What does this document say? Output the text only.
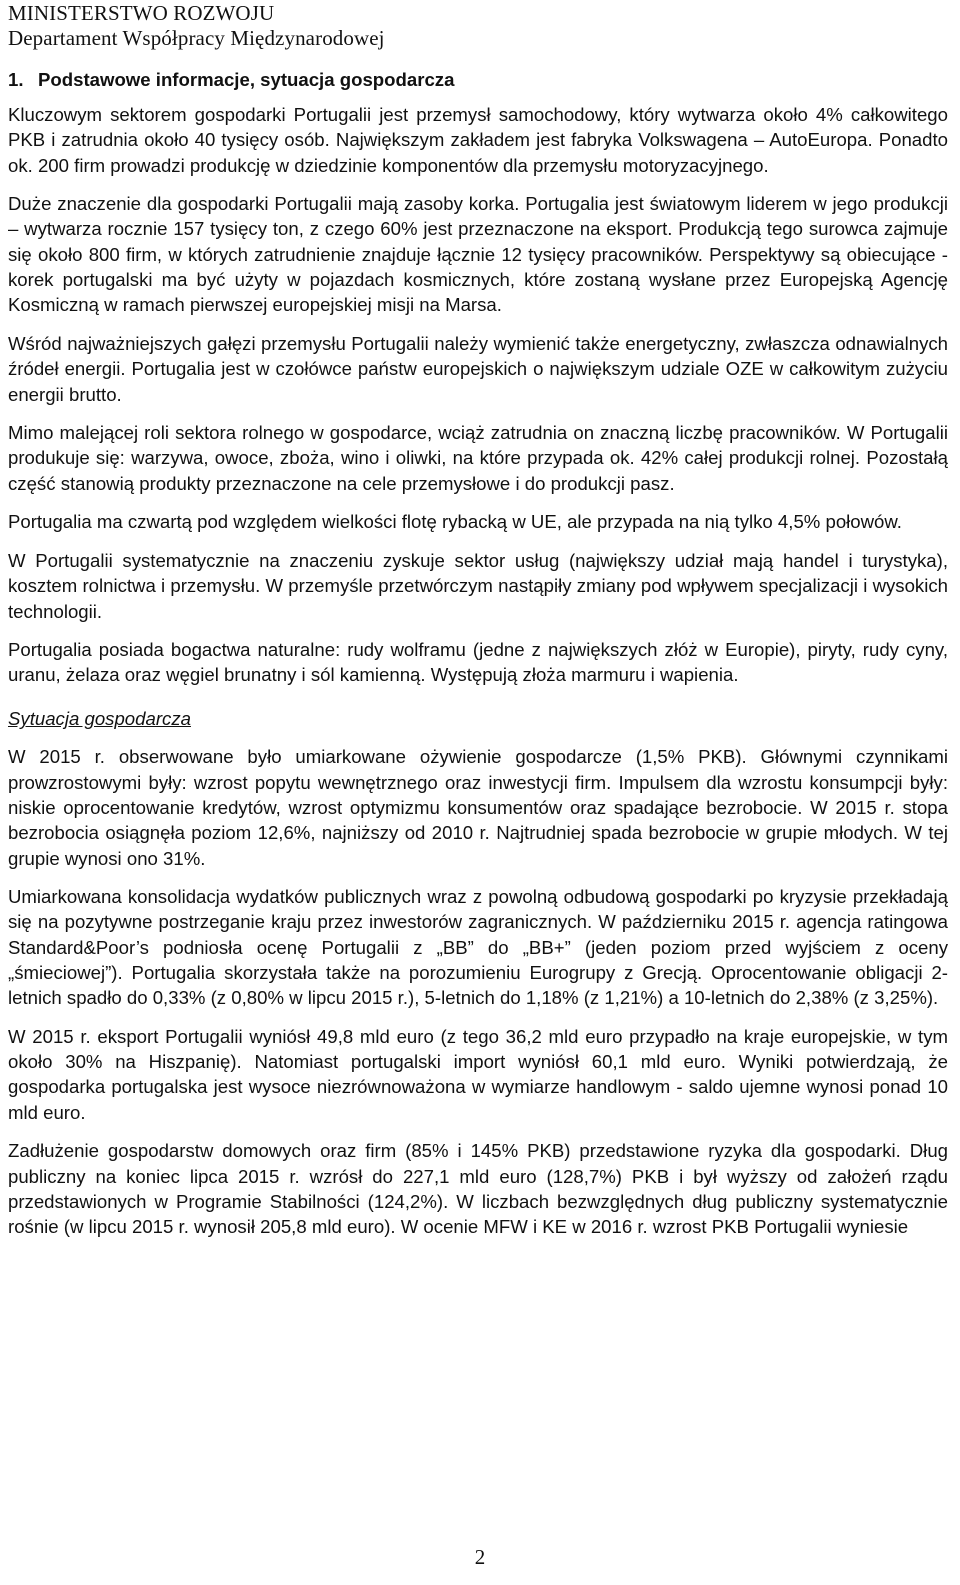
MINISTERSTWO ROZWOJU

Departament Współpracy Międzynarodowej

1. Podstawowe informacje, sytuacja gospodarcza

Kluczowym sektorem gospodarki Portugalii jest przemysł samochodowy, który wytwarza około 4% całkowitego PKB i zatrudnia około 40 tysięcy osób. Największym zakładem jest fabryka Volkswagena – AutoEuropa. Ponadto ok. 200 firm prowadzi produkcję w dziedzinie komponentów dla przemysłu motoryzacyjnego.

Duże znaczenie dla gospodarki Portugalii mają zasoby korka. Portugalia jest światowym liderem w jego produkcji – wytwarza rocznie 157 tysięcy ton, z czego 60% jest przeznaczone na eksport. Produkcją tego surowca zajmuje się około 800 firm, w których zatrudnienie znajduje łącznie 12 tysięcy pracowników. Perspektywy są obiecujące - korek portugalski ma być użyty w pojazdach kosmicznych, które zostaną wysłane przez Europejską Agencję Kosmiczną w ramach pierwszej europejskiej misji na Marsa.

Wśród najważniejszych gałęzi przemysłu Portugalii należy wymienić także energetyczny, zwłaszcza odnawialnych źródeł energii. Portugalia jest w czołówce państw europejskich o największym udziale OZE w całkowitym zużyciu energii brutto.

Mimo malejącej roli sektora rolnego w gospodarce, wciąż zatrudnia on znaczną liczbę pracowników. W Portugalii produkuje się: warzywa, owoce, zboża, wino i oliwki, na które przypada ok. 42% całej produkcji rolnej. Pozostałą część stanowią produkty przeznaczone na cele przemysłowe i do produkcji pasz.

Portugalia ma czwartą pod względem wielkości flotę rybacką w UE, ale przypada na nią tylko 4,5% połowów.

W Portugalii systematycznie na znaczeniu zyskuje sektor usług (największy udział mają handel i turystyka), kosztem rolnictwa i przemysłu. W przemyśle przetwórczym nastąpiły zmiany pod wpływem specjalizacji i wysokich technologii.

Portugalia posiada bogactwa naturalne: rudy wolframu (jedne z największych złóż w Europie), piryty, rudy cyny, uranu, żelaza oraz węgiel brunatny i sól kamienną. Występują złoża marmuru i wapienia.

Sytuacja gospodarcza

W 2015 r. obserwowane było umiarkowane ożywienie gospodarcze (1,5% PKB). Głównymi czynnikami prowzrostowymi były: wzrost popytu wewnętrznego oraz inwestycji firm. Impulsem dla wzrostu konsumpcji były: niskie oprocentowanie kredytów, wzrost optymizmu konsumentów oraz spadające bezrobocie. W 2015 r. stopa bezrobocia osiągnęła poziom 12,6%, najniższy od 2010 r. Najtrudniej spada bezrobocie w grupie młodych. W tej grupie wynosi ono 31%.

Umiarkowana konsolidacja wydatków publicznych wraz z powolną odbudową gospodarki po kryzysie przekładają się na pozytywne postrzeganie kraju przez inwestorów zagranicznych. W październiku 2015 r. agencja ratingowa Standard&Poor’s podniosła ocenę Portugalii z „BB” do „BB+” (jeden poziom przed wyjściem z oceny „śmieciowej”). Portugalia skorzystała także na porozumieniu Eurogrupy z Grecją. Oprocentowanie obligacji 2-letnich spadło do 0,33% (z 0,80% w lipcu 2015 r.), 5-letnich do 1,18% (z 1,21%) a 10-letnich do 2,38% (z 3,25%).

W 2015 r. eksport Portugalii wyniósł 49,8 mld euro (z tego 36,2 mld euro przypadło na kraje europejskie, w tym około 30% na Hiszpanię). Natomiast portugalski import wyniósł 60,1 mld euro. Wyniki potwierdzają, że gospodarka portugalska jest wysoce niezrównoważona w wymiarze handlowym - saldo ujemne wynosi ponad 10 mld euro.

Zadłużenie gospodarstw domowych oraz firm (85% i 145% PKB) przedstawione ryzyka dla gospodarki. Dług publiczny na koniec lipca 2015 r. wzrósł do 227,1 mld euro (128,7%) PKB i był wyższy od założeń rządu przedstawionych w Programie Stabilności (124,2%). W liczbach bezwzględnych dług publiczny systematycznie rośnie (w lipcu 2015 r. wynosił 205,8 mld euro). W ocenie MFW i KE w 2016 r. wzrost PKB Portugalii wyniesie

2
